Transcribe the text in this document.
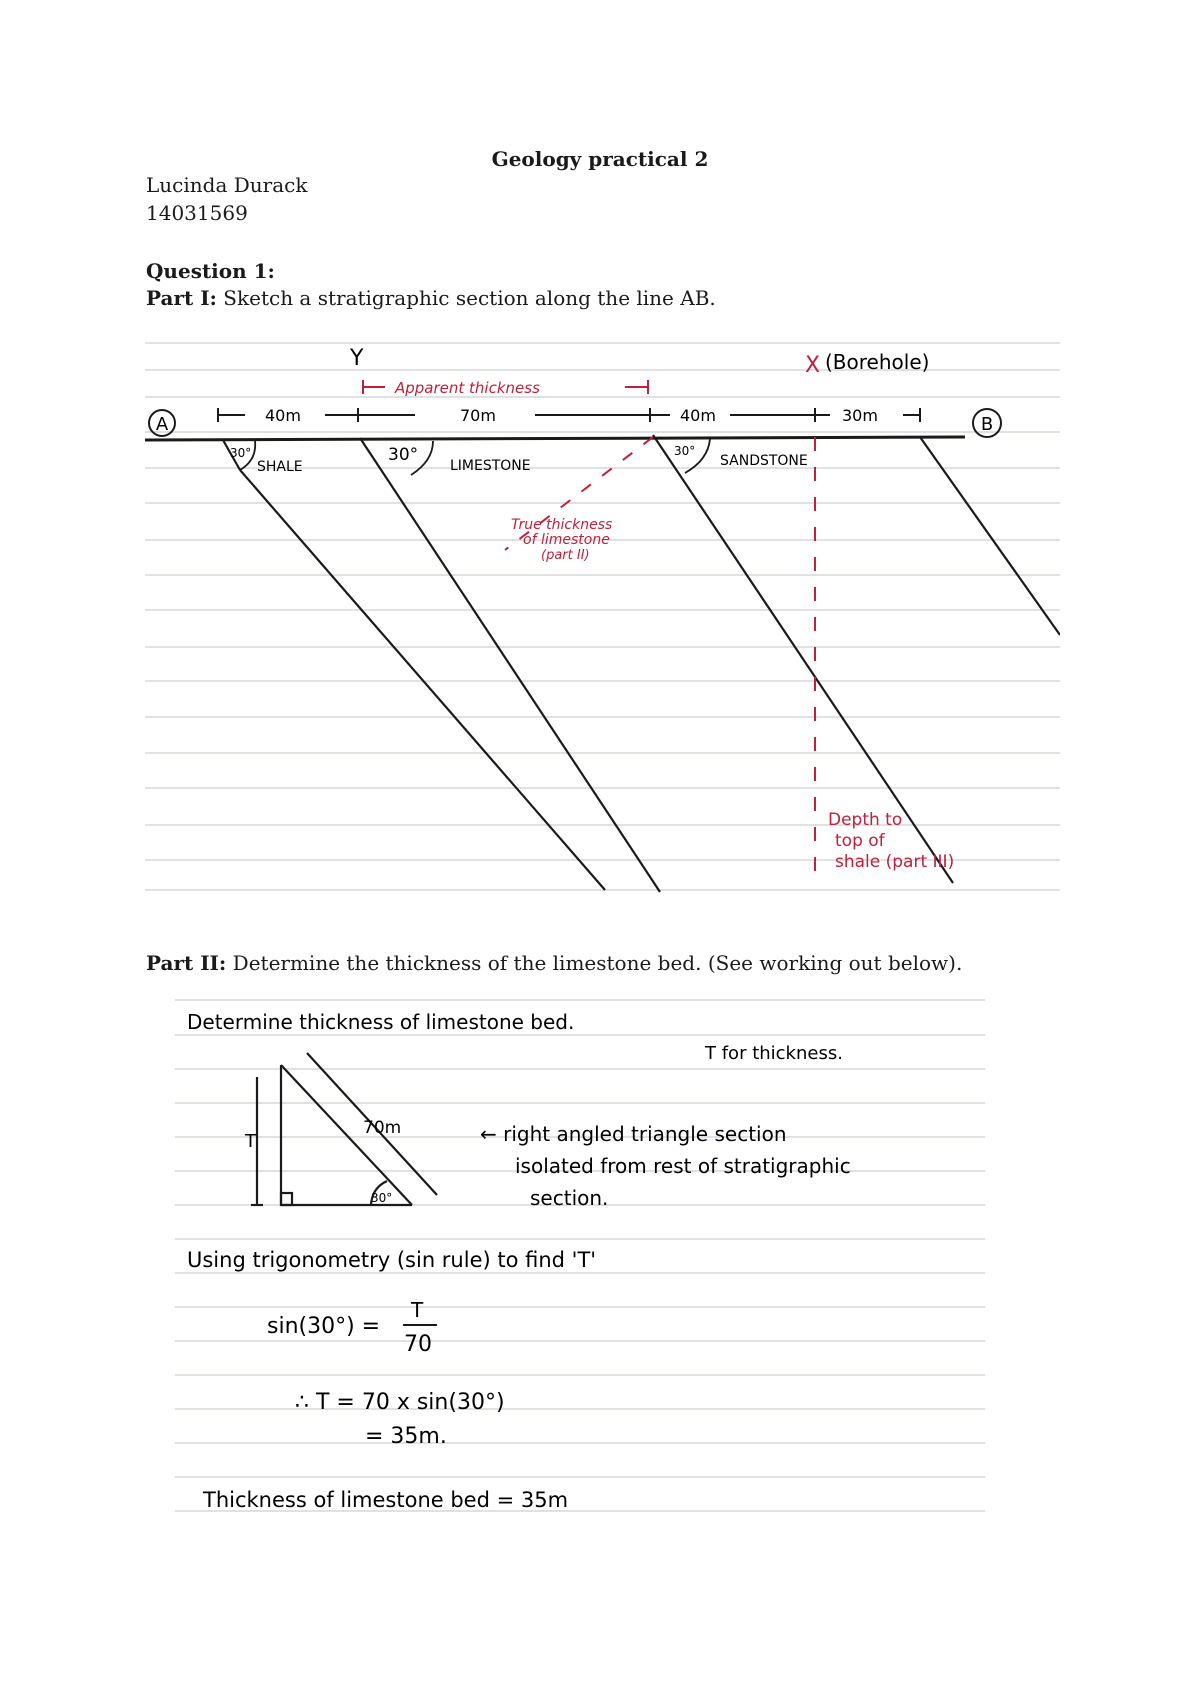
Geology practical 2
Lucinda Durack
14031569
Question 1:
Part I: Sketch a stratigraphic section along the line AB.
A	B
Y	X (Borehole)
Apparent thickness
40m	70m	40m	30m
30°	30°	30°
SHALE	LIMESTONE	SANDSTONE
True thickness
of limestone
(part II)
Depth to
top of
shale (part III)
Part II: Determine the thickness of the limestone bed. (See working out below).
Determine thickness of limestone bed.
T for thickness.
T
70m
30°
← right angled triangle section
isolated from rest of stratigraphic
section.
Using trigonometry (sin rule) to find 'T'
sin(30°) =
T
70
∴ T = 70 x sin(30°)
= 35m.
Thickness of limestone bed = 35m
